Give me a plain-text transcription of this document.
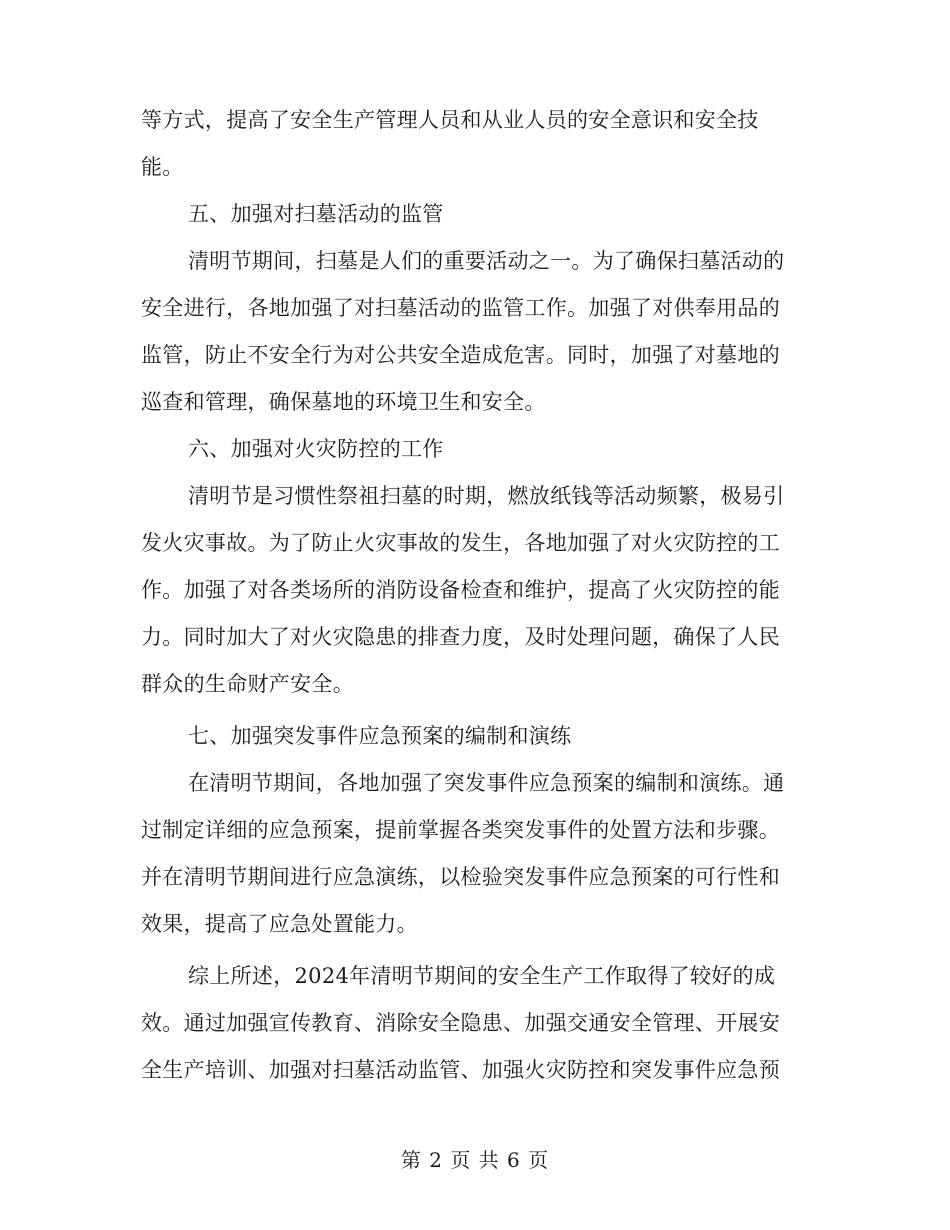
等方式，提高了安全生产管理人员和从业人员的安全意识和安全技
能。
五、加强对扫墓活动的监管
清明节期间，扫墓是人们的重要活动之一。为了确保扫墓活动的
安全进行，各地加强了对扫墓活动的监管工作。加强了对供奉用品的
监管，防止不安全行为对公共安全造成危害。同时，加强了对墓地的
巡查和管理，确保墓地的环境卫生和安全。
六、加强对火灾防控的工作
清明节是习惯性祭祖扫墓的时期，燃放纸钱等活动频繁，极易引
发火灾事故。为了防止火灾事故的发生，各地加强了对火灾防控的工
作。加强了对各类场所的消防设备检查和维护，提高了火灾防控的能
力。同时加大了对火灾隐患的排查力度，及时处理问题，确保了人民
群众的生命财产安全。
七、加强突发事件应急预案的编制和演练
在清明节期间，各地加强了突发事件应急预案的编制和演练。通
过制定详细的应急预案，提前掌握各类突发事件的处置方法和步骤。
并在清明节期间进行应急演练，以检验突发事件应急预案的可行性和
效果，提高了应急处置能力。
综上所述，2024年清明节期间的安全生产工作取得了较好的成
效。通过加强宣传教育、消除安全隐患、加强交通安全管理、开展安
全生产培训、加强对扫墓活动监管、加强火灾防控和突发事件应急预
第 2 页 共 6 页
